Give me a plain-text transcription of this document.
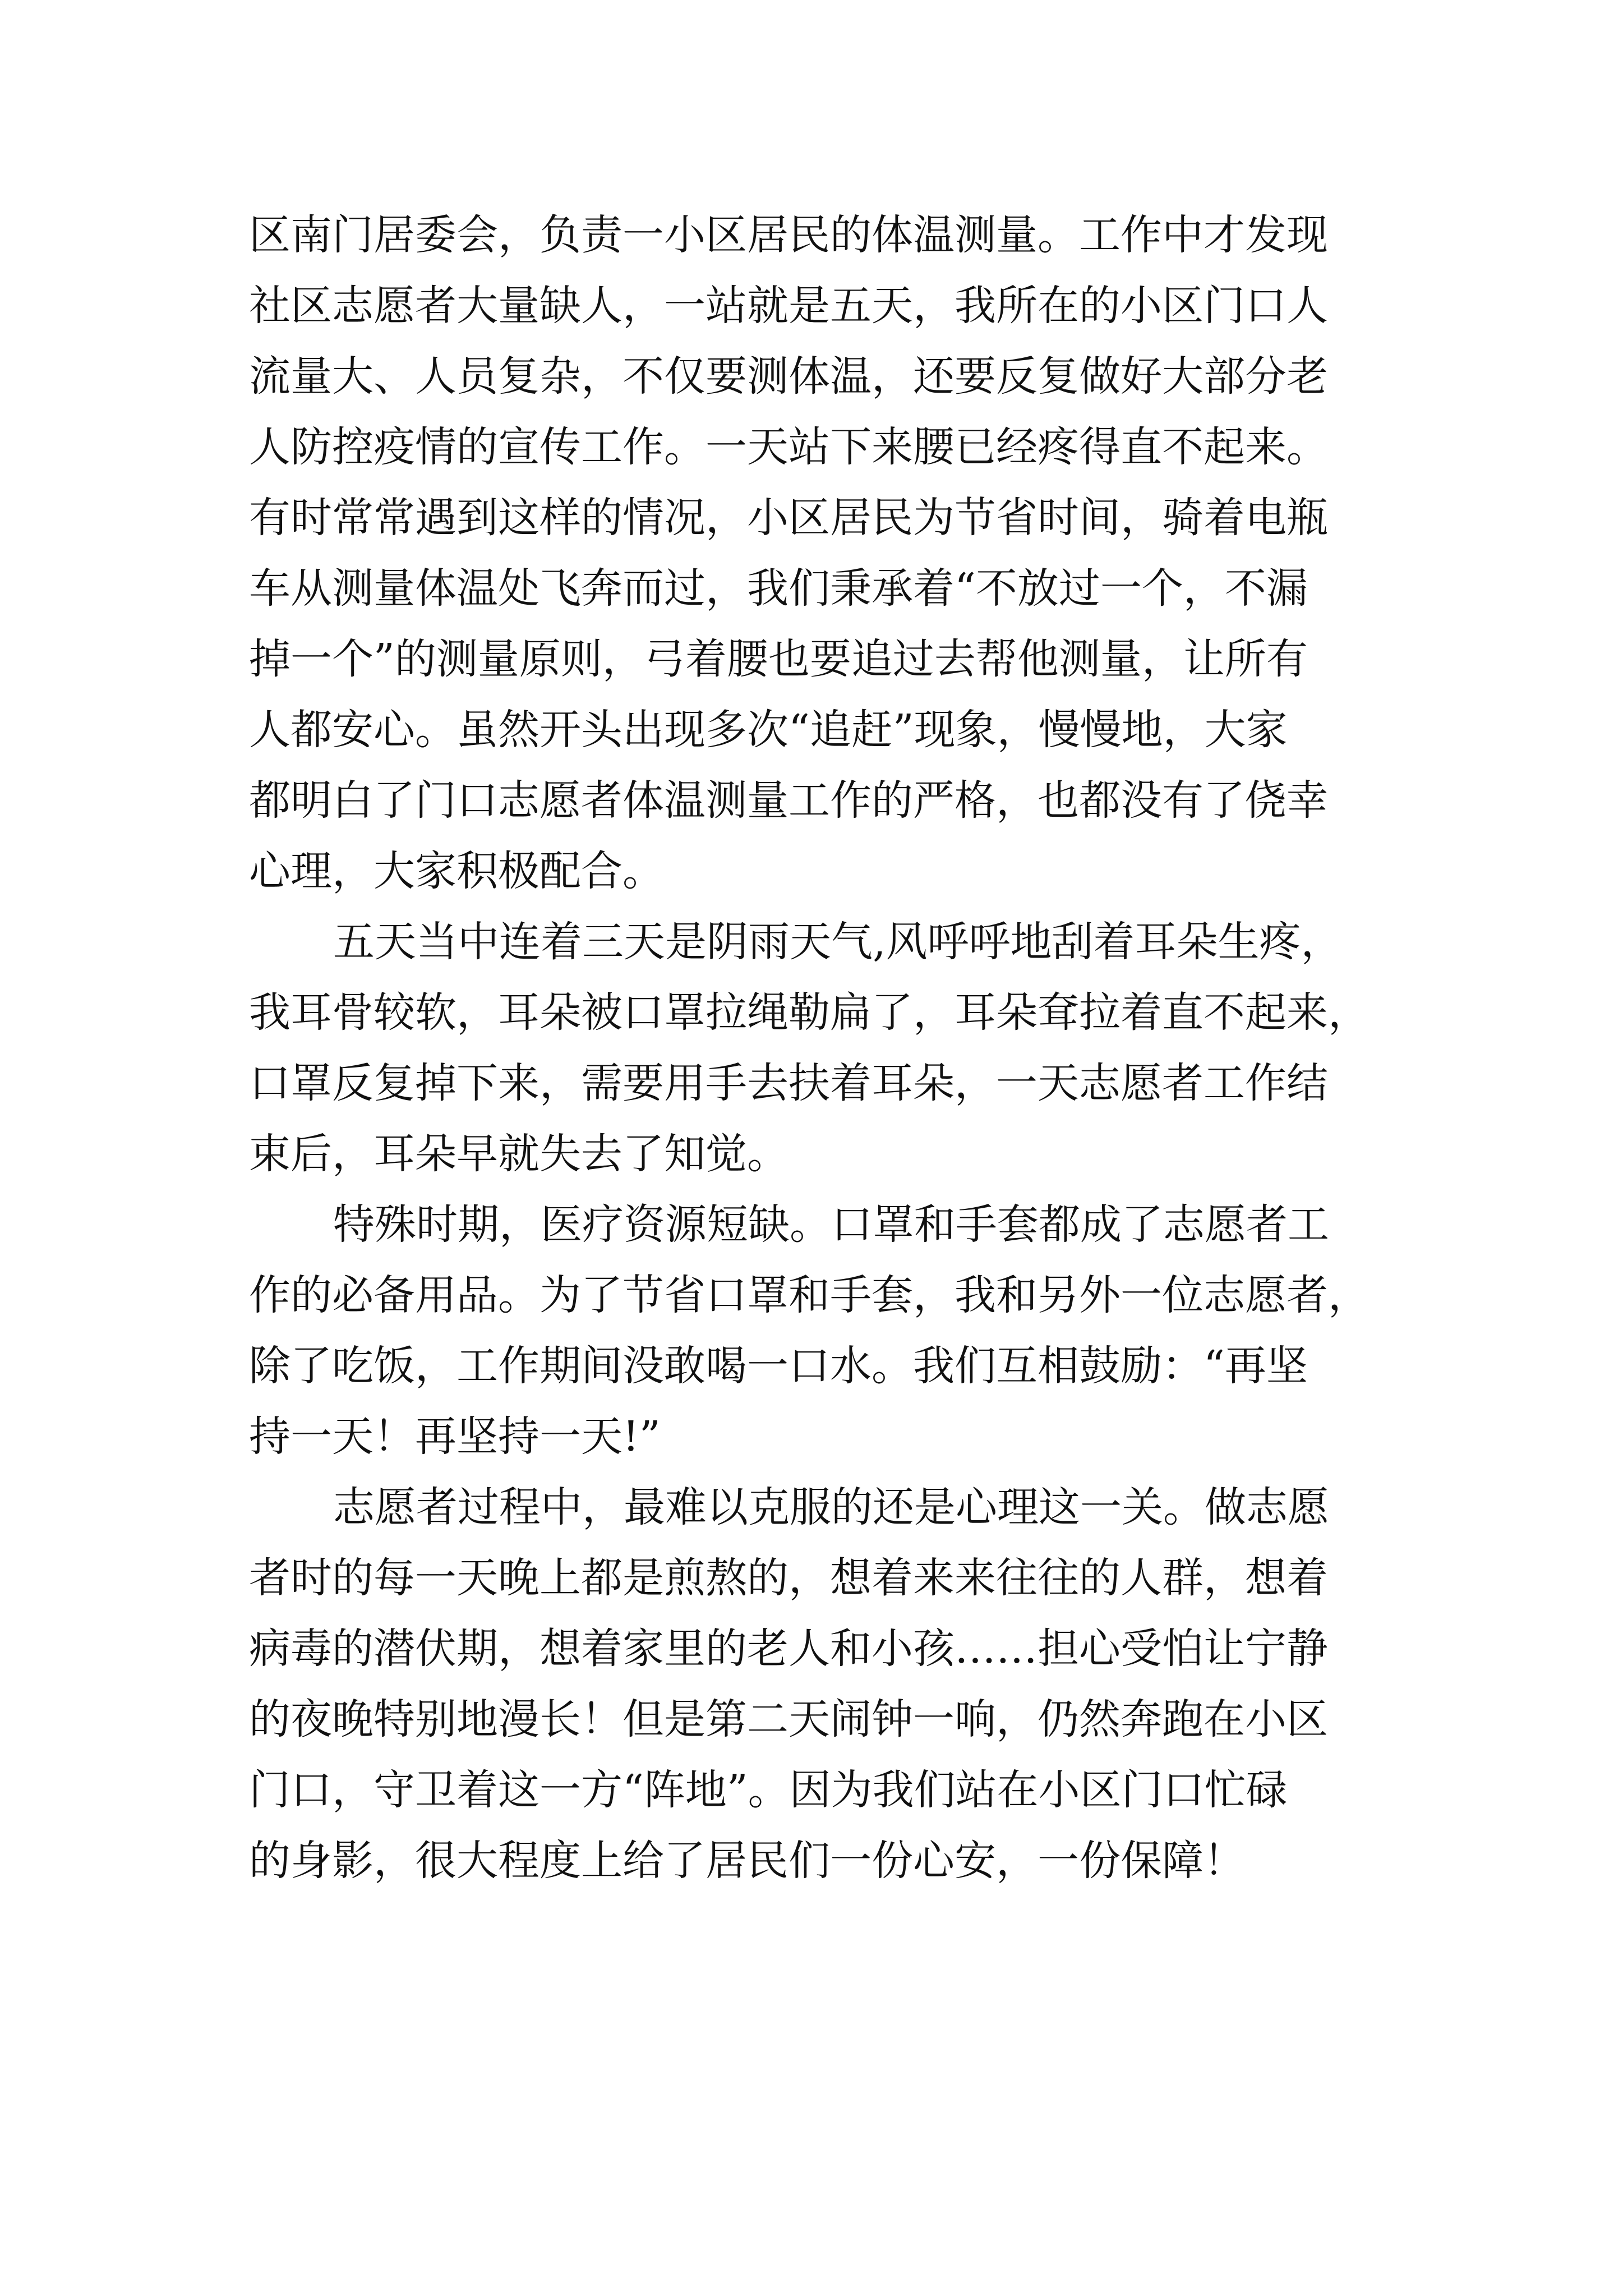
区南门居委会，负责一小区居民的体温测量。工作中才发现
社区志愿者大量缺人，一站就是五天，我所在的小区门口人
流量大、人员复杂，不仅要测体温，还要反复做好大部分老
人防控疫情的宣传工作。一天站下来腰已经疼得直不起来。
有时常常遇到这样的情况，小区居民为节省时间，骑着电瓶
车从测量体温处飞奔而过，我们秉承着“不放过一个，不漏
掉一个”的测量原则，弓着腰也要追过去帮他测量，让所有
人都安心。虽然开头出现多次“追赶”现象，慢慢地，大家
都明白了门口志愿者体温测量工作的严格，也都没有了侥幸
心理，大家积极配合。
五天当中连着三天是阴雨天气,风呼呼地刮着耳朵生疼，
我耳骨较软，耳朵被口罩拉绳勒扁了，耳朵耷拉着直不起来，
口罩反复掉下来，需要用手去扶着耳朵，一天志愿者工作结
束后，耳朵早就失去了知觉。
特殊时期，医疗资源短缺。口罩和手套都成了志愿者工
作的必备用品。为了节省口罩和手套，我和另外一位志愿者，
除了吃饭，工作期间没敢喝一口水。我们互相鼓励：“再坚
持一天！再坚持一天!”
志愿者过程中，最难以克服的还是心理这一关。做志愿
者时的每一天晚上都是煎熬的，想着来来往往的人群，想着
病毒的潜伏期，想着家里的老人和小孩……担心受怕让宁静
的夜晚特别地漫长！但是第二天闹钟一响，仍然奔跑在小区
门口，守卫着这一方“阵地”。因为我们站在小区门口忙碌
的身影，很大程度上给了居民们一份心安，一份保障！
